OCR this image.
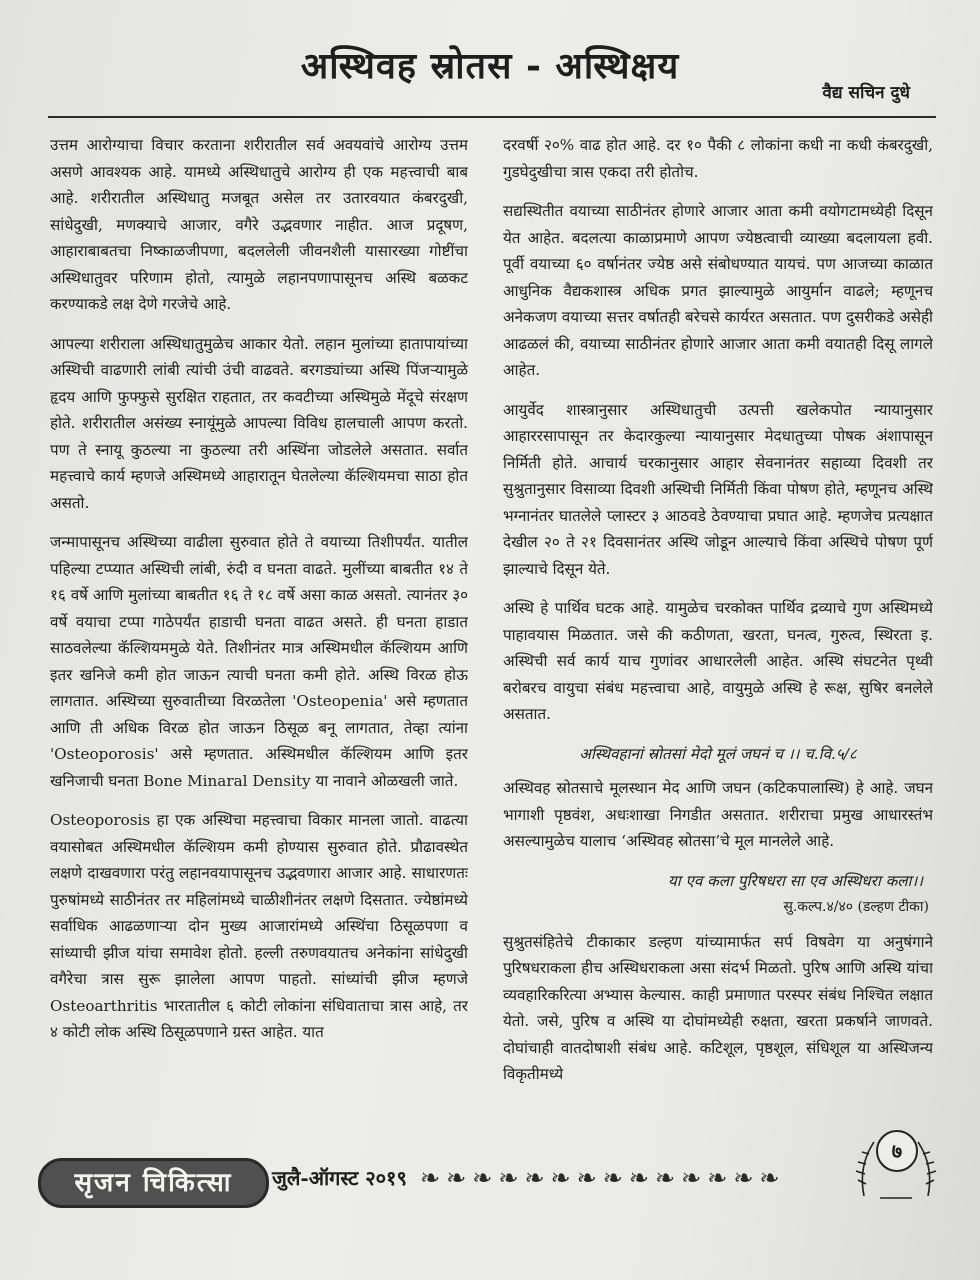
अस्थिवह स्रोतस - अस्थिक्षय
वैद्य सचिन दुधे

उत्तम आरोग्याचा विचार करताना शरीरातील सर्व अवयवांचे आरोग्य उत्तम असणे आवश्यक आहे. यामध्ये अस्थिधातुचे आरोग्य ही एक महत्त्वाची बाब आहे. शरीरातील अस्थिधातु मजबूत असेल तर उतारवयात कंबरदुखी, सांधेदुखी, मणक्याचे आजार, वगैरे उद्भवणार नाहीत. आज प्रदूषण, आहाराबाबतचा निष्काळजीपणा, बदललेली जीवनशैली यासारख्या गोष्टींचा अस्थिधातुवर परिणाम होतो, त्यामुळे लहानपणापासूनच अस्थि बळकट करण्याकडे लक्ष देणे गरजेचे आहे.

आपल्या शरीराला अस्थिधातुमुळेच आकार येतो. लहान मुलांच्या हातापायांच्या अस्थिची वाढणारी लांबी त्यांची उंची वाढवते. बरगड्यांच्या अस्थि पिंजऱ्यामुळे हृदय आणि फुफ्फुसे सुरक्षित राहतात, तर कवटीच्या अस्थिमुळे मेंदूचे संरक्षण होते. शरीरातील असंख्य स्नायूंमुळे आपल्या विविध हालचाली आपण करतो. पण ते स्नायू कुठल्या ना कुठल्या तरी अस्थिंना जोडलेले असतात. सर्वात महत्त्वाचे कार्य म्हणजे अस्थिमध्ये आहारातून घेतलेल्या कॅल्शियमचा साठा होत असतो.

जन्मापासूनच अस्थिच्या वाढीला सुरुवात होते ते वयाच्या तिशीपर्यंत. यातील पहिल्या टप्प्यात अस्थिची लांबी, रुंदी व घनता वाढते. मुलींच्या बाबतीत १४ ते १६ वर्षे आणि मुलांच्या बाबतीत १६ ते १८ वर्षे असा काळ असतो. त्यानंतर ३० वर्षे वयाचा टप्पा गाठेपर्यंत हाडाची घनता वाढत असते. ही घनता हाडात साठवलेल्या कॅल्शियममुळे येते. तिशीनंतर मात्र अस्थिमधील कॅल्शियम आणि इतर खनिजे कमी होत जाऊन त्याची घनता कमी होते. अस्थि विरळ होऊ लागतात. अस्थिच्या सुरुवातीच्या विरळतेला 'Osteopenia' असे म्हणतात आणि ती अधिक विरळ होत जाऊन ठिसूळ बनू लागतात, तेव्हा त्यांना 'Osteoporosis' असे म्हणतात. अस्थिमधील कॅल्शियम आणि इतर खनिजाची घनता Bone Minaral Density या नावाने ओळखली जाते.

Osteoporosis हा एक अस्थिचा महत्त्वाचा विकार मानला जातो. वाढत्या वयासोबत अस्थिमधील कॅल्शियम कमी होण्यास सुरुवात होते. प्रौढावस्थेत लक्षणे दाखवणारा परंतु लहानवयापासूनच उद्भवणारा आजार आहे. साधारणतः पुरुषांमध्ये साठीनंतर तर महिलांमध्ये चाळीशीनंतर लक्षणे दिसतात. ज्येष्ठांमध्ये सर्वाधिक आढळणाऱ्या दोन मुख्य आजारांमध्ये अस्थिंचा ठिसूळपणा व सांध्याची झीज यांचा समावेश होतो. हल्ली तरुणवयातच अनेकांना सांधेदुखी वगैरेचा त्रास सुरू झालेला आपण पाहतो. सांध्यांची झीज म्हणजे Osteoarthritis भारतातील ६ कोटी लोकांना संधिवाताचा त्रास आहे, तर ४ कोटी लोक अस्थि ठिसूळपणाने ग्रस्त आहेत. यात

दरवर्षी २०% वाढ होत आहे. दर १० पैकी ८ लोकांना कधी ना कधी कंबरदुखी, गुडघेदुखीचा त्रास एकदा तरी होतोच.

सद्यस्थितीत वयाच्या साठीनंतर होणारे आजार आता कमी वयोगटामध्येही दिसून येत आहेत. बदलत्या काळाप्रमाणे आपण ज्येष्ठत्वाची व्याख्या बदलायला हवी. पूर्वी वयाच्या ६० वर्षानंतर ज्येष्ठ असे संबोधण्यात यायचं. पण आजच्या काळात आधुनिक वैद्यकशास्त्र अधिक प्रगत झाल्यामुळे आयुर्मान वाढले; म्हणूनच अनेकजण वयाच्या सत्तर वर्षातही बरेचसे कार्यरत असतात. पण दुसरीकडे असेही आढळलं की, वयाच्या साठीनंतर होणारे आजार आता कमी वयातही दिसू लागले आहेत.

आयुर्वेद शास्त्रानुसार अस्थिधातुची उत्पत्ती खलेकपोत न्यायानुसार आहाररसापासून तर केदारकुल्या न्यायानुसार मेदधातुच्या पोषक अंशापासून निर्मिती होते. आचार्य चरकानुसार आहार सेवनानंतर सहाव्या दिवशी तर सुश्रुतानुसार विसाव्या दिवशी अस्थिची निर्मिती किंवा पोषण होते, म्हणूनच अस्थि भग्नानंतर घातलेले प्लास्टर ३ आठवडे ठेवण्याचा प्रघात आहे. म्हणजेच प्रत्यक्षात देखील २० ते २१ दिवसानंतर अस्थि जोडून आल्याचे किंवा अस्थिचे पोषण पूर्ण झाल्याचे दिसून येते.

अस्थि हे पार्थिव घटक आहे. यामुळेच चरकोक्त पार्थिव द्रव्याचे गुण अस्थिमध्ये पाहावयास मिळतात. जसे की कठीणता, खरता, घनत्व, गुरुत्व, स्थिरता इ. अस्थिची सर्व कार्य याच गुणांवर आधारलेली आहेत. अस्थि संघटनेत पृथ्वी बरोबरच वायुचा संबंध महत्त्वाचा आहे, वायुमुळे अस्थि हे रूक्ष, सुषिर बनलेले असतात.

अस्थिवहानां स्रोतसां मेदो मूलं जघनं च ।। च.वि.५/८

अस्थिवह स्रोतसाचे मूलस्थान मेद आणि जघन (कटिकपालास्थि) हे आहे. जघन भागाशी पृष्ठवंश, अधःशाखा निगडीत असतात. शरीराचा प्रमुख आधारस्तंभ असल्यामुळेच यालाच ‘अस्थिवह स्रोतसा’चे मूल मानलेले आहे.

या एव कला पुरिषधरा सा एव अस्थिधरा कला।।

सु.कल्प.४/४० (डल्हण टीका)

सुश्रुतसंहितेचे टीकाकार डल्हण यांच्यामार्फत सर्प विषवेग या अनुषंगाने पुरिषधराकला हीच अस्थिधराकला असा संदर्भ मिळतो. पुरिष आणि अस्थि यांचा व्यवहारिकरित्या अभ्यास केल्यास. काही प्रमाणात परस्पर संबंध निश्चित लक्षात येतो. जसे, पुरिष व अस्थि या दोघांमध्येही रुक्षता, खरता प्रकर्षाने जाणवते. दोघांचाही वातदोषाशी संबंध आहे. कटिशूल, पृष्ठशूल, संधिशूल या अस्थिजन्य विकृतीमध्ये

सृजन चिकित्सा	जुलै-ऑगस्ट २०१९ ❧❧❧❧❧❧❧❧❧❧❧❧❧❧
७
